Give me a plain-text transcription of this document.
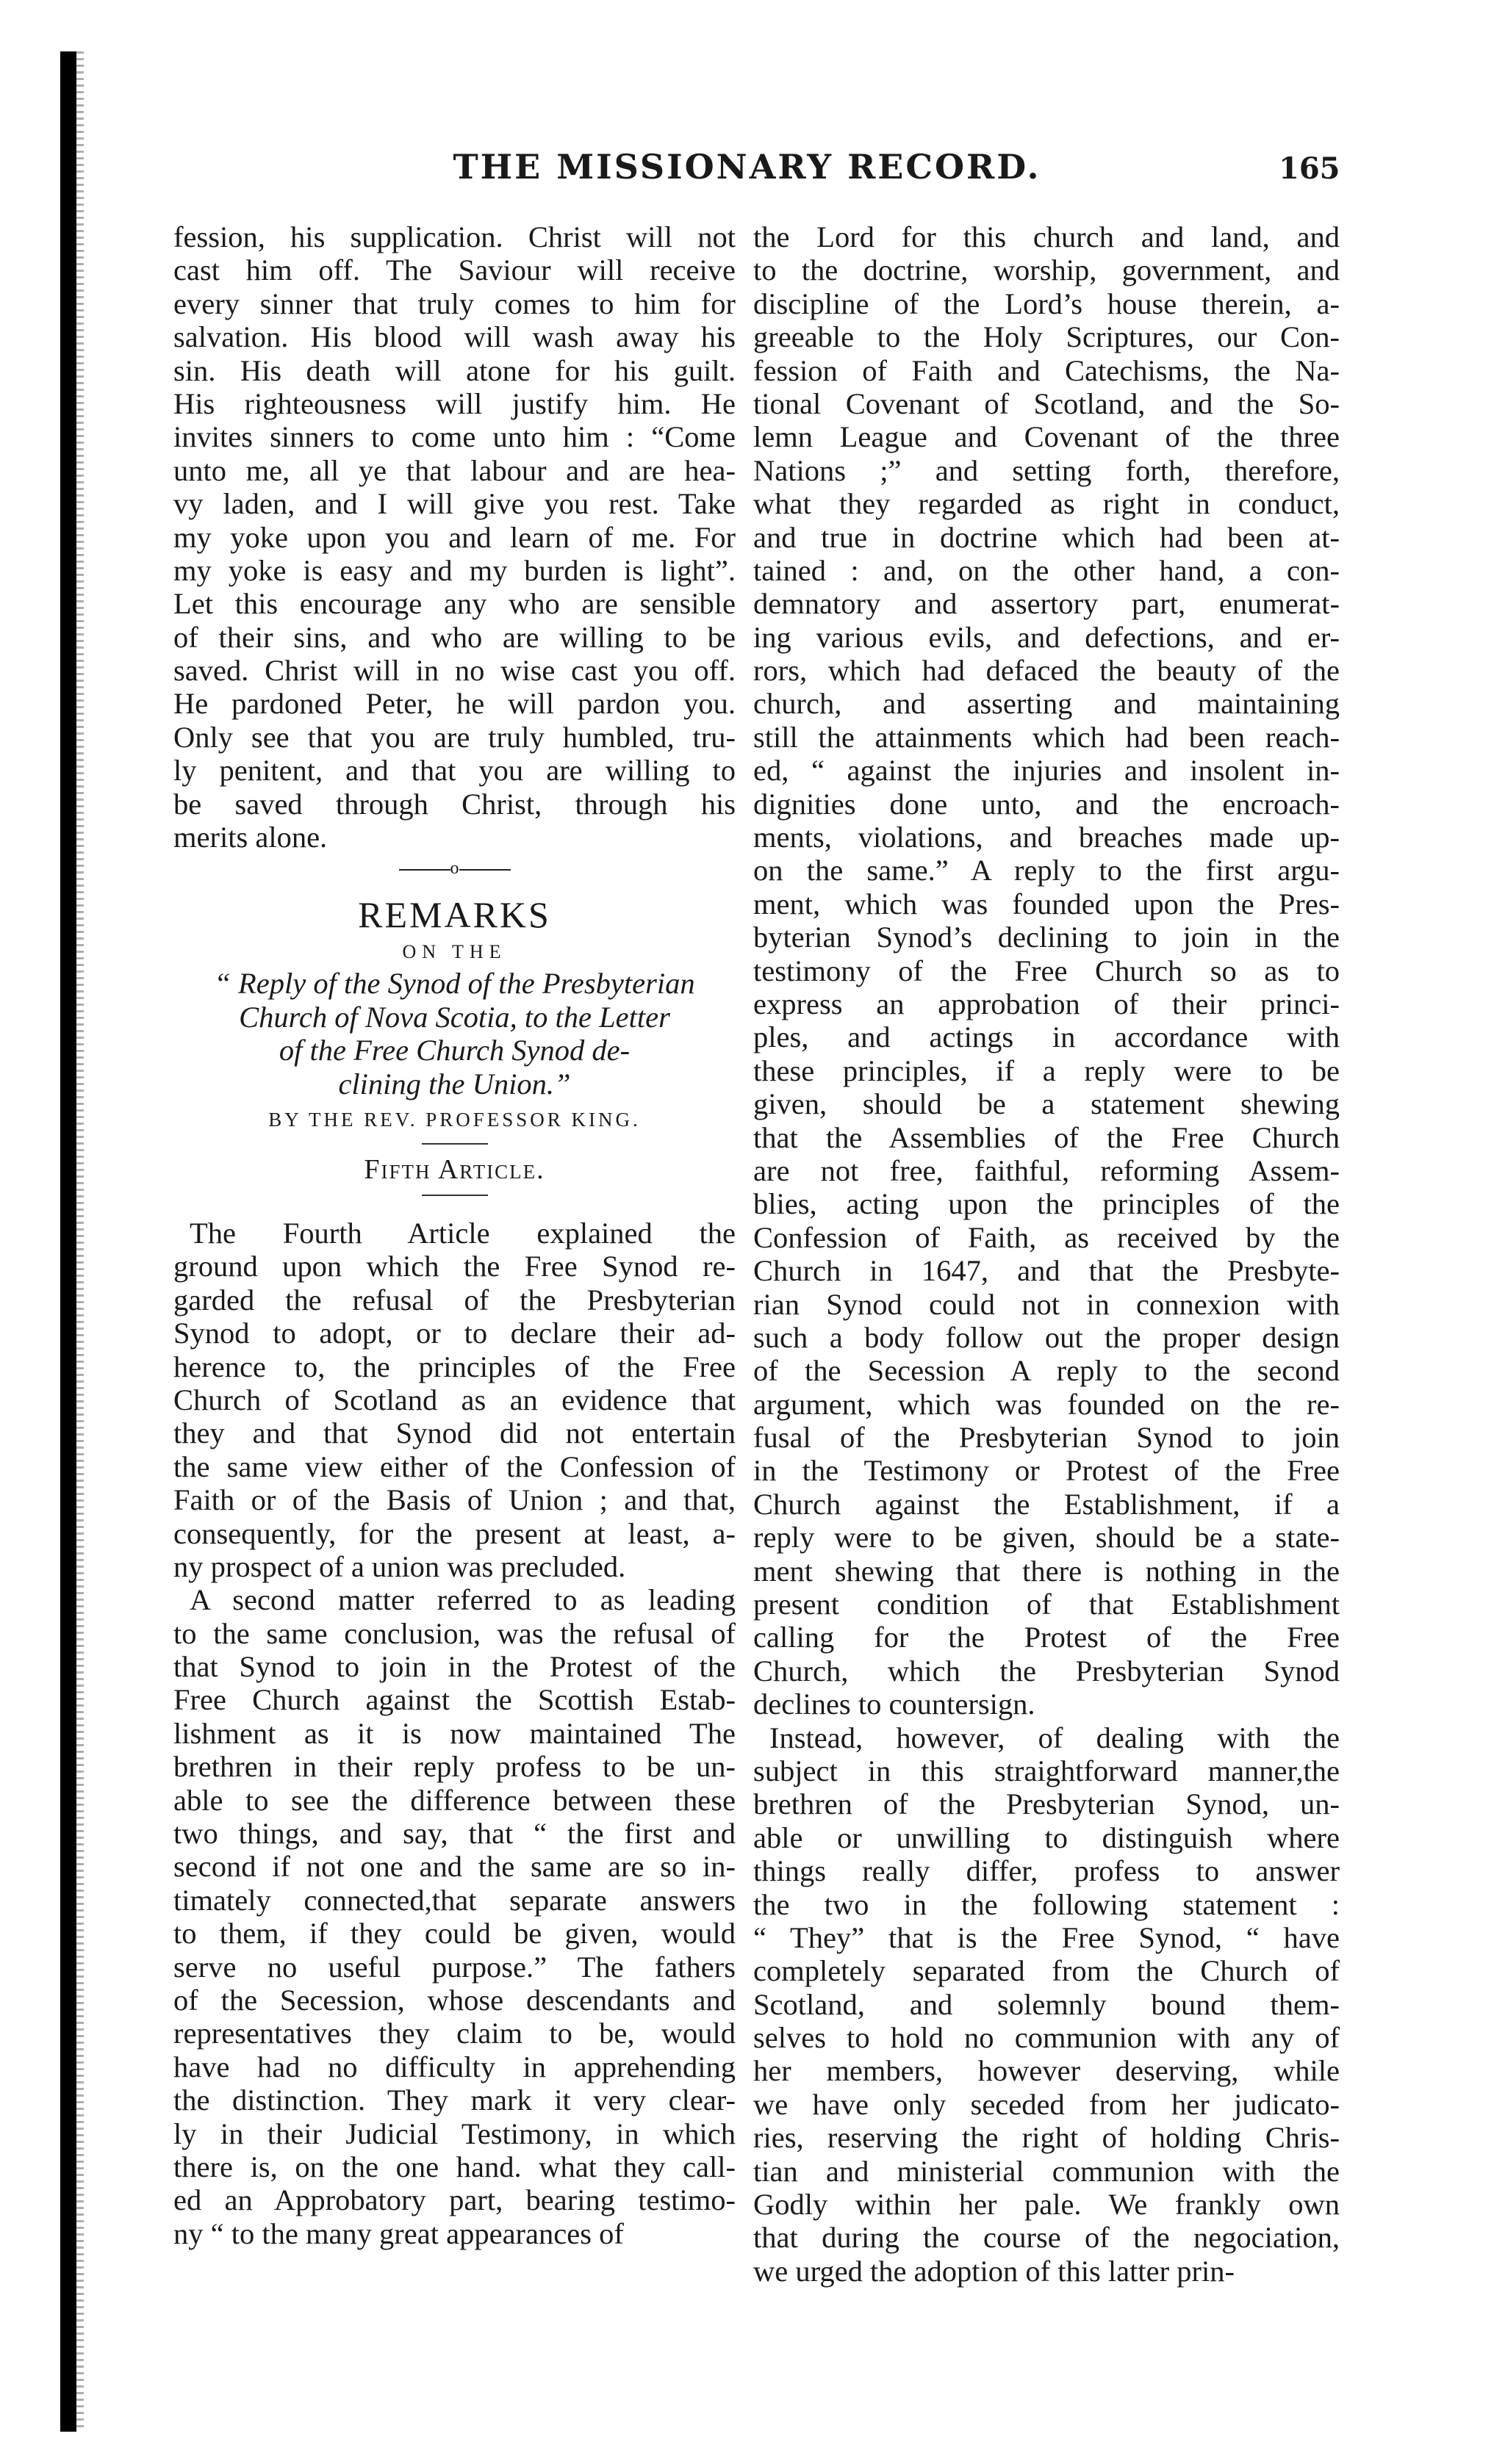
THE MISSIONARY RECORD.	165
fession, his supplication. Christ will not
cast him off. The Saviour will receive
every sinner that truly comes to him for
salvation. His blood will wash away his
sin. His death will atone for his guilt.
His righteousness will justify him. He
invites sinners to come unto him : “Come
unto me, all ye that labour and are hea-
vy laden, and I will give you rest. Take
my yoke upon you and learn of me. For
my yoke is easy and my burden is light”.
Let this encourage any who are sensible
of their sins, and who are willing to be
saved. Christ will in no wise cast you off.
He pardoned Peter, he will pardon you.
Only see that you are truly humbled, tru-
ly penitent, and that you are willing to
be saved through Christ, through his
merits alone.
o
REMARKS
ON THE
“ Reply of the Synod of the Presbyterian
Church of Nova Scotia, to the Letter
of the Free Church Synod de-
clining the Union.”
BY THE REV. PROFESSOR KING.
Fifth Article.
The Fourth Article explained the
ground upon which the Free Synod re-
garded the refusal of the Presbyterian
Synod to adopt, or to declare their ad-
herence to, the principles of the Free
Church of Scotland as an evidence that
they and that Synod did not entertain
the same view either of the Confession of
Faith or of the Basis of Union ; and that,
consequently, for the present at least, a-
ny prospect of a union was precluded.
A second matter referred to as leading
to the same conclusion, was the refusal of
that Synod to join in the Protest of the
Free Church against the Scottish Estab-
lishment as it is now maintained The
brethren in their reply profess to be un-
able to see the difference between these
two things, and say, that “ the first and
second if not one and the same are so in-
timately connected,that separate answers
to them, if they could be given, would
serve no useful purpose.” The fathers
of the Secession, whose descendants and
representatives they claim to be, would
have had no difficulty in apprehending
the distinction. They mark it very clear-
ly in their Judicial Testimony, in which
there is, on the one hand. what they call-
ed an Approbatory part, bearing testimo-
ny “ to the many great appearances of
the Lord for this church and land, and
to the doctrine, worship, government, and
discipline of the Lord’s house therein, a-
greeable to the Holy Scriptures, our Con-
fession of Faith and Catechisms, the Na-
tional Covenant of Scotland, and the So-
lemn League and Covenant of the three
Nations ;” and setting forth, therefore,
what they regarded as right in conduct,
and true in doctrine which had been at-
tained : and, on the other hand, a con-
demnatory and assertory part, enumerat-
ing various evils, and defections, and er-
rors, which had defaced the beauty of the
church, and asserting and maintaining
still the attainments which had been reach-
ed, “ against the injuries and insolent in-
dignities done unto, and the encroach-
ments, violations, and breaches made up-
on the same.” A reply to the first argu-
ment, which was founded upon the Pres-
byterian Synod’s declining to join in the
testimony of the Free Church so as to
express an approbation of their princi-
ples, and actings in accordance with
these principles, if a reply were to be
given, should be a statement shewing
that the Assemblies of the Free Church
are not free, faithful, reforming Assem-
blies, acting upon the principles of the
Confession of Faith, as received by the
Church in 1647, and that the Presbyte-
rian Synod could not in connexion with
such a body follow out the proper design
of the Secession A reply to the second
argument, which was founded on the re-
fusal of the Presbyterian Synod to join
in the Testimony or Protest of the Free
Church against the Establishment, if a
reply were to be given, should be a state-
ment shewing that there is nothing in the
present condition of that Establishment
calling for the Protest of the Free
Church, which the Presbyterian Synod
declines to countersign.
Instead, however, of dealing with the
subject in this straightforward manner,the
brethren of the Presbyterian Synod, un-
able or unwilling to distinguish where
things really differ, profess to answer
the two in the following statement :
“ They” that is the Free Synod, “ have
completely separated from the Church of
Scotland, and solemnly bound them-
selves to hold no communion with any of
her members, however deserving, while
we have only seceded from her judicato-
ries, reserving the right of holding Chris-
tian and ministerial communion with the
Godly within her pale. We frankly own
that during the course of the negociation,
we urged the adoption of this latter prin-
